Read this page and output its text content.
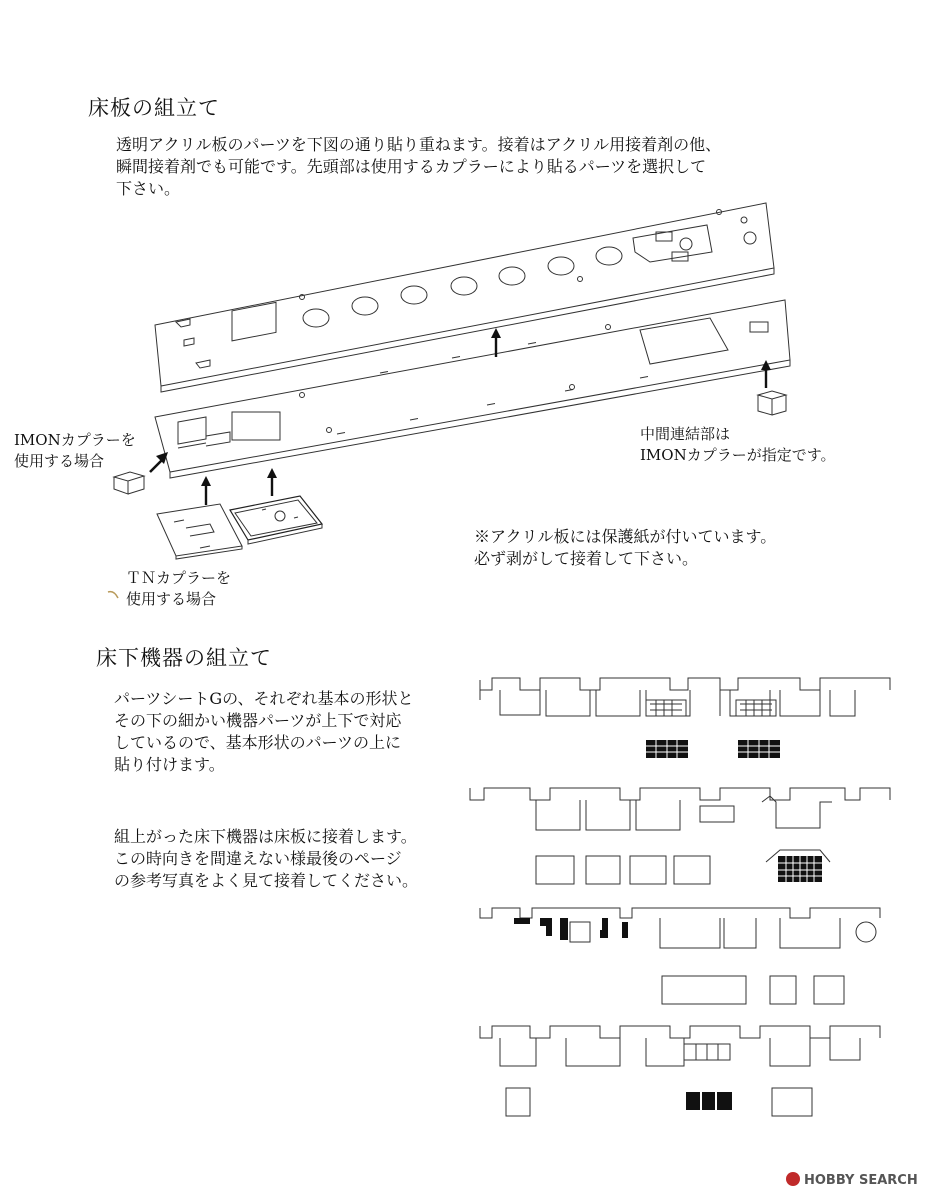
床板の組立て
透明アクリル板のパーツを下図の通り貼り重ねます。接着はアクリル用接着剤の他、
瞬間接着剤でも可能です。先頭部は使用するカプラーにより貼るパーツを選択して
下さい。
IMONカプラーを
使用する場合
中間連結部は
IMONカプラーが指定です。
※アクリル板には保護紙が付いています。
必ず剥がして接着して下さい。
ＴＮカプラーを
使用する場合
床下機器の組立て
パーツシートGの、それぞれ基本の形状と
その下の細かい機器パーツが上下で対応
しているので、基本形状のパーツの上に
貼り付けます。
組上がった床下機器は床板に接着します。
この時向きを間違えない様最後のページ
の参考写真をよく見て接着してください。
HOBBY SEARCH
